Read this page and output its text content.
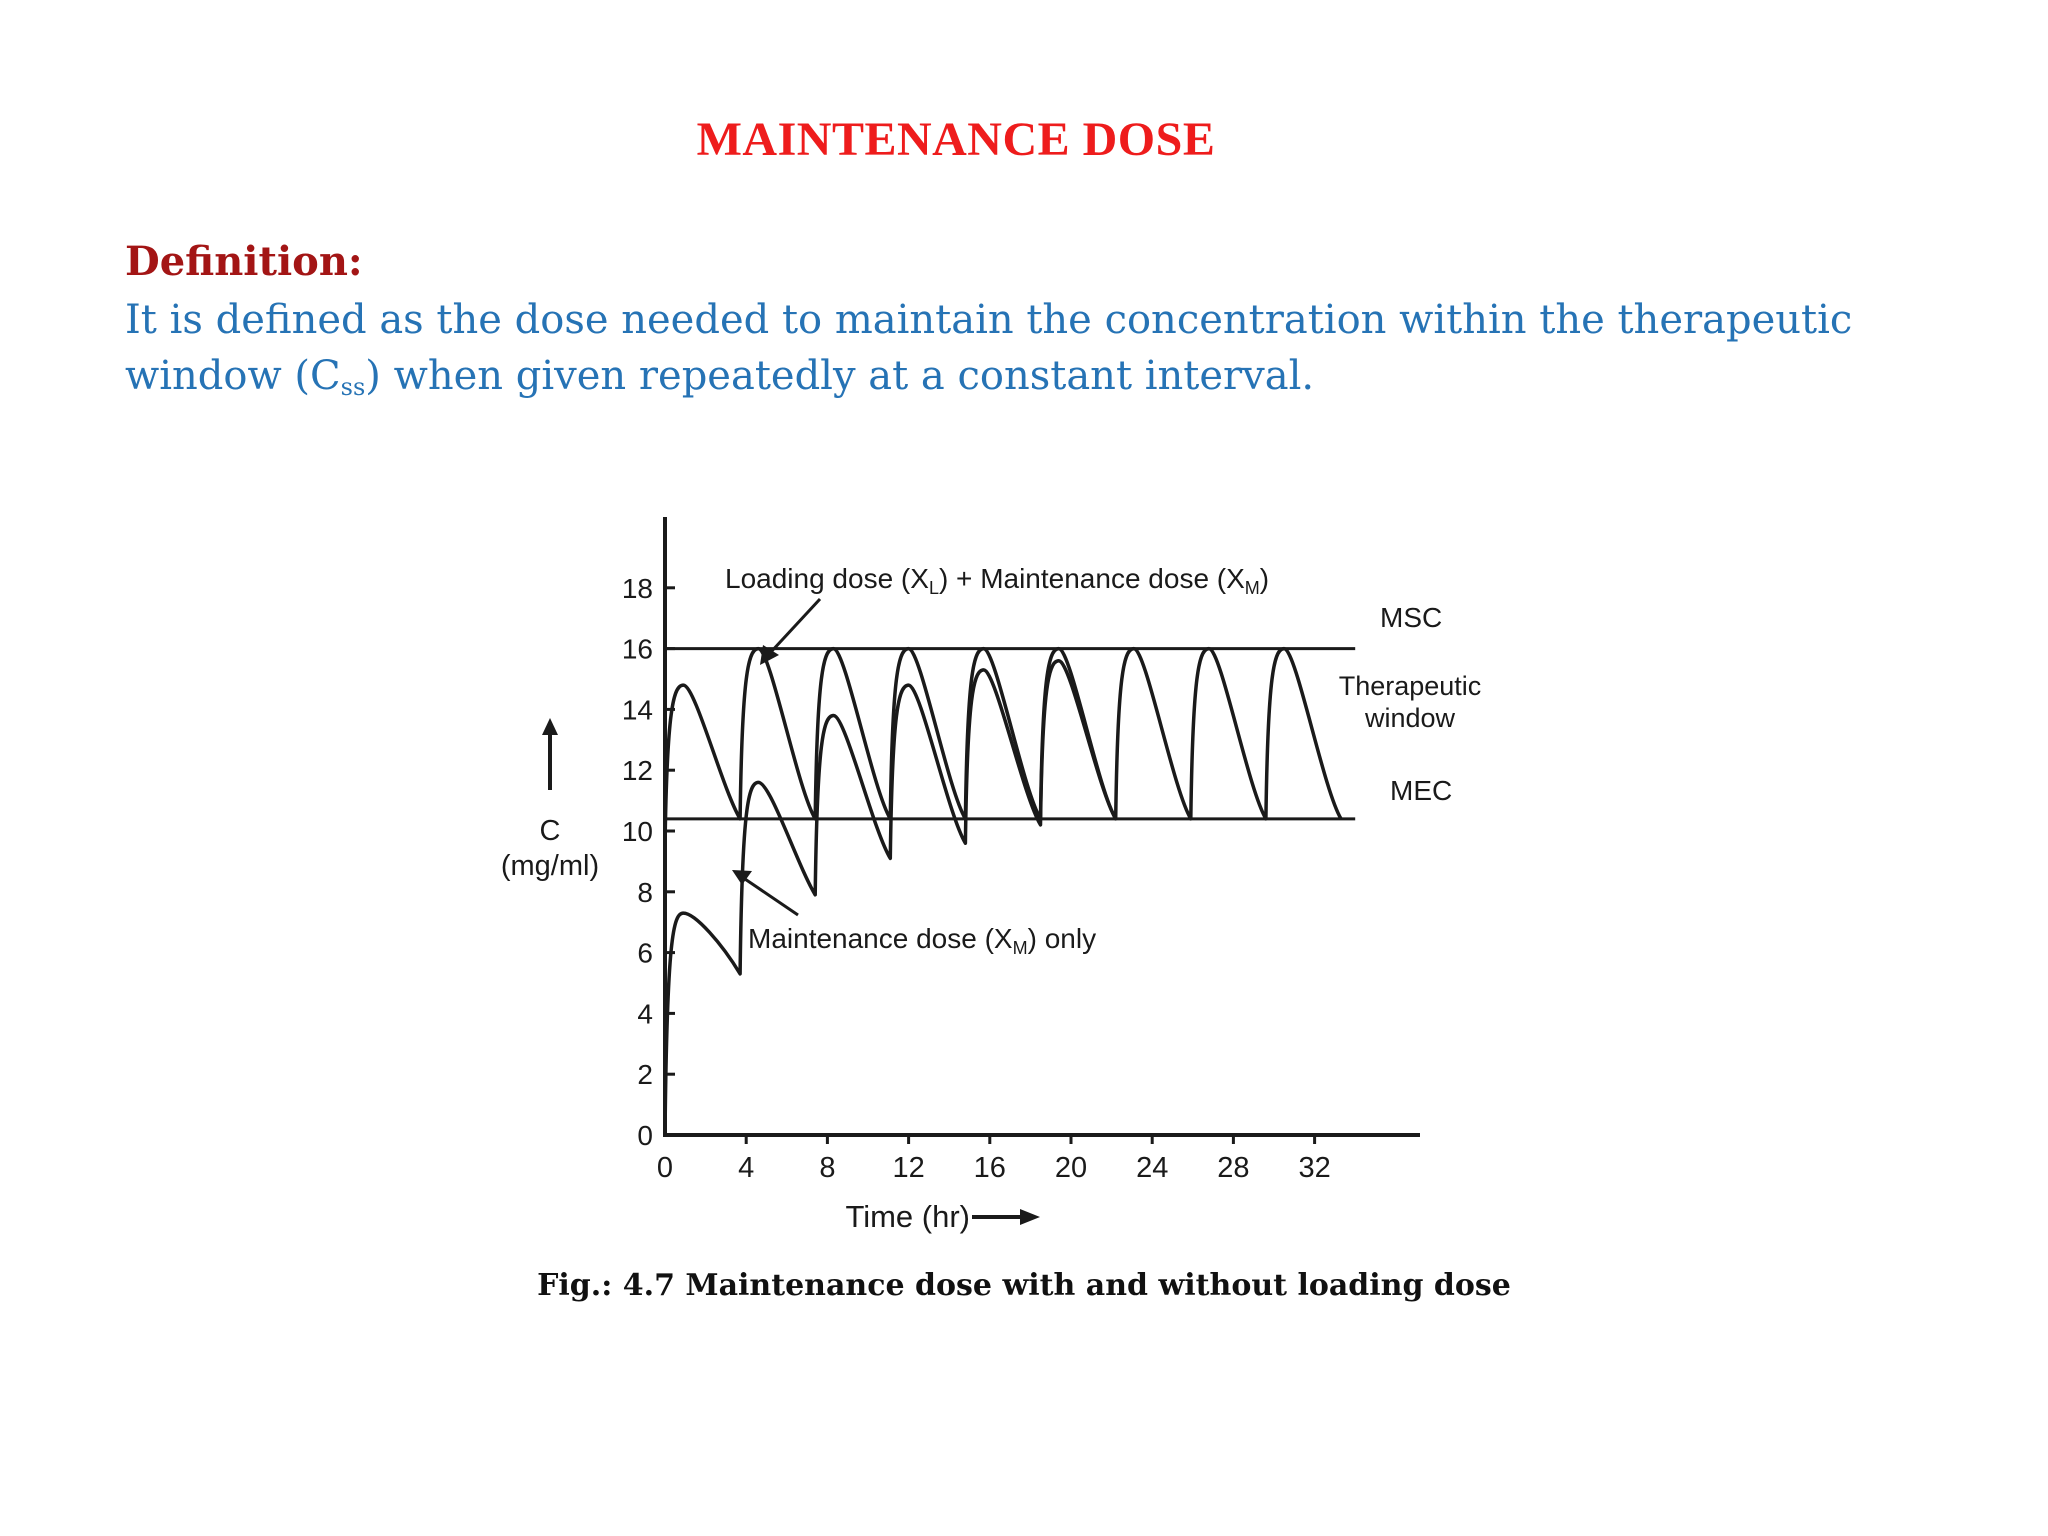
MAINTENANCE DOSE
Definition:

It is defined as the dose needed to maintain the concentration within the therapeutic window $(C_{ss})$ when given repeatedly at a constant interval.

0
2
4
6
8
10
12
14
16
18
0 4 8 12 16 20 24 28 32
C
(mg/ml)
Time (hr)
Loading dose $(X_L)$ + Maintenance dose $(X_M)$
Maintenance dose $(X_M)$ only
MSC
MEC
Therapeutic
window

Fig.: 4.7 Maintenance dose with and without loading dose
